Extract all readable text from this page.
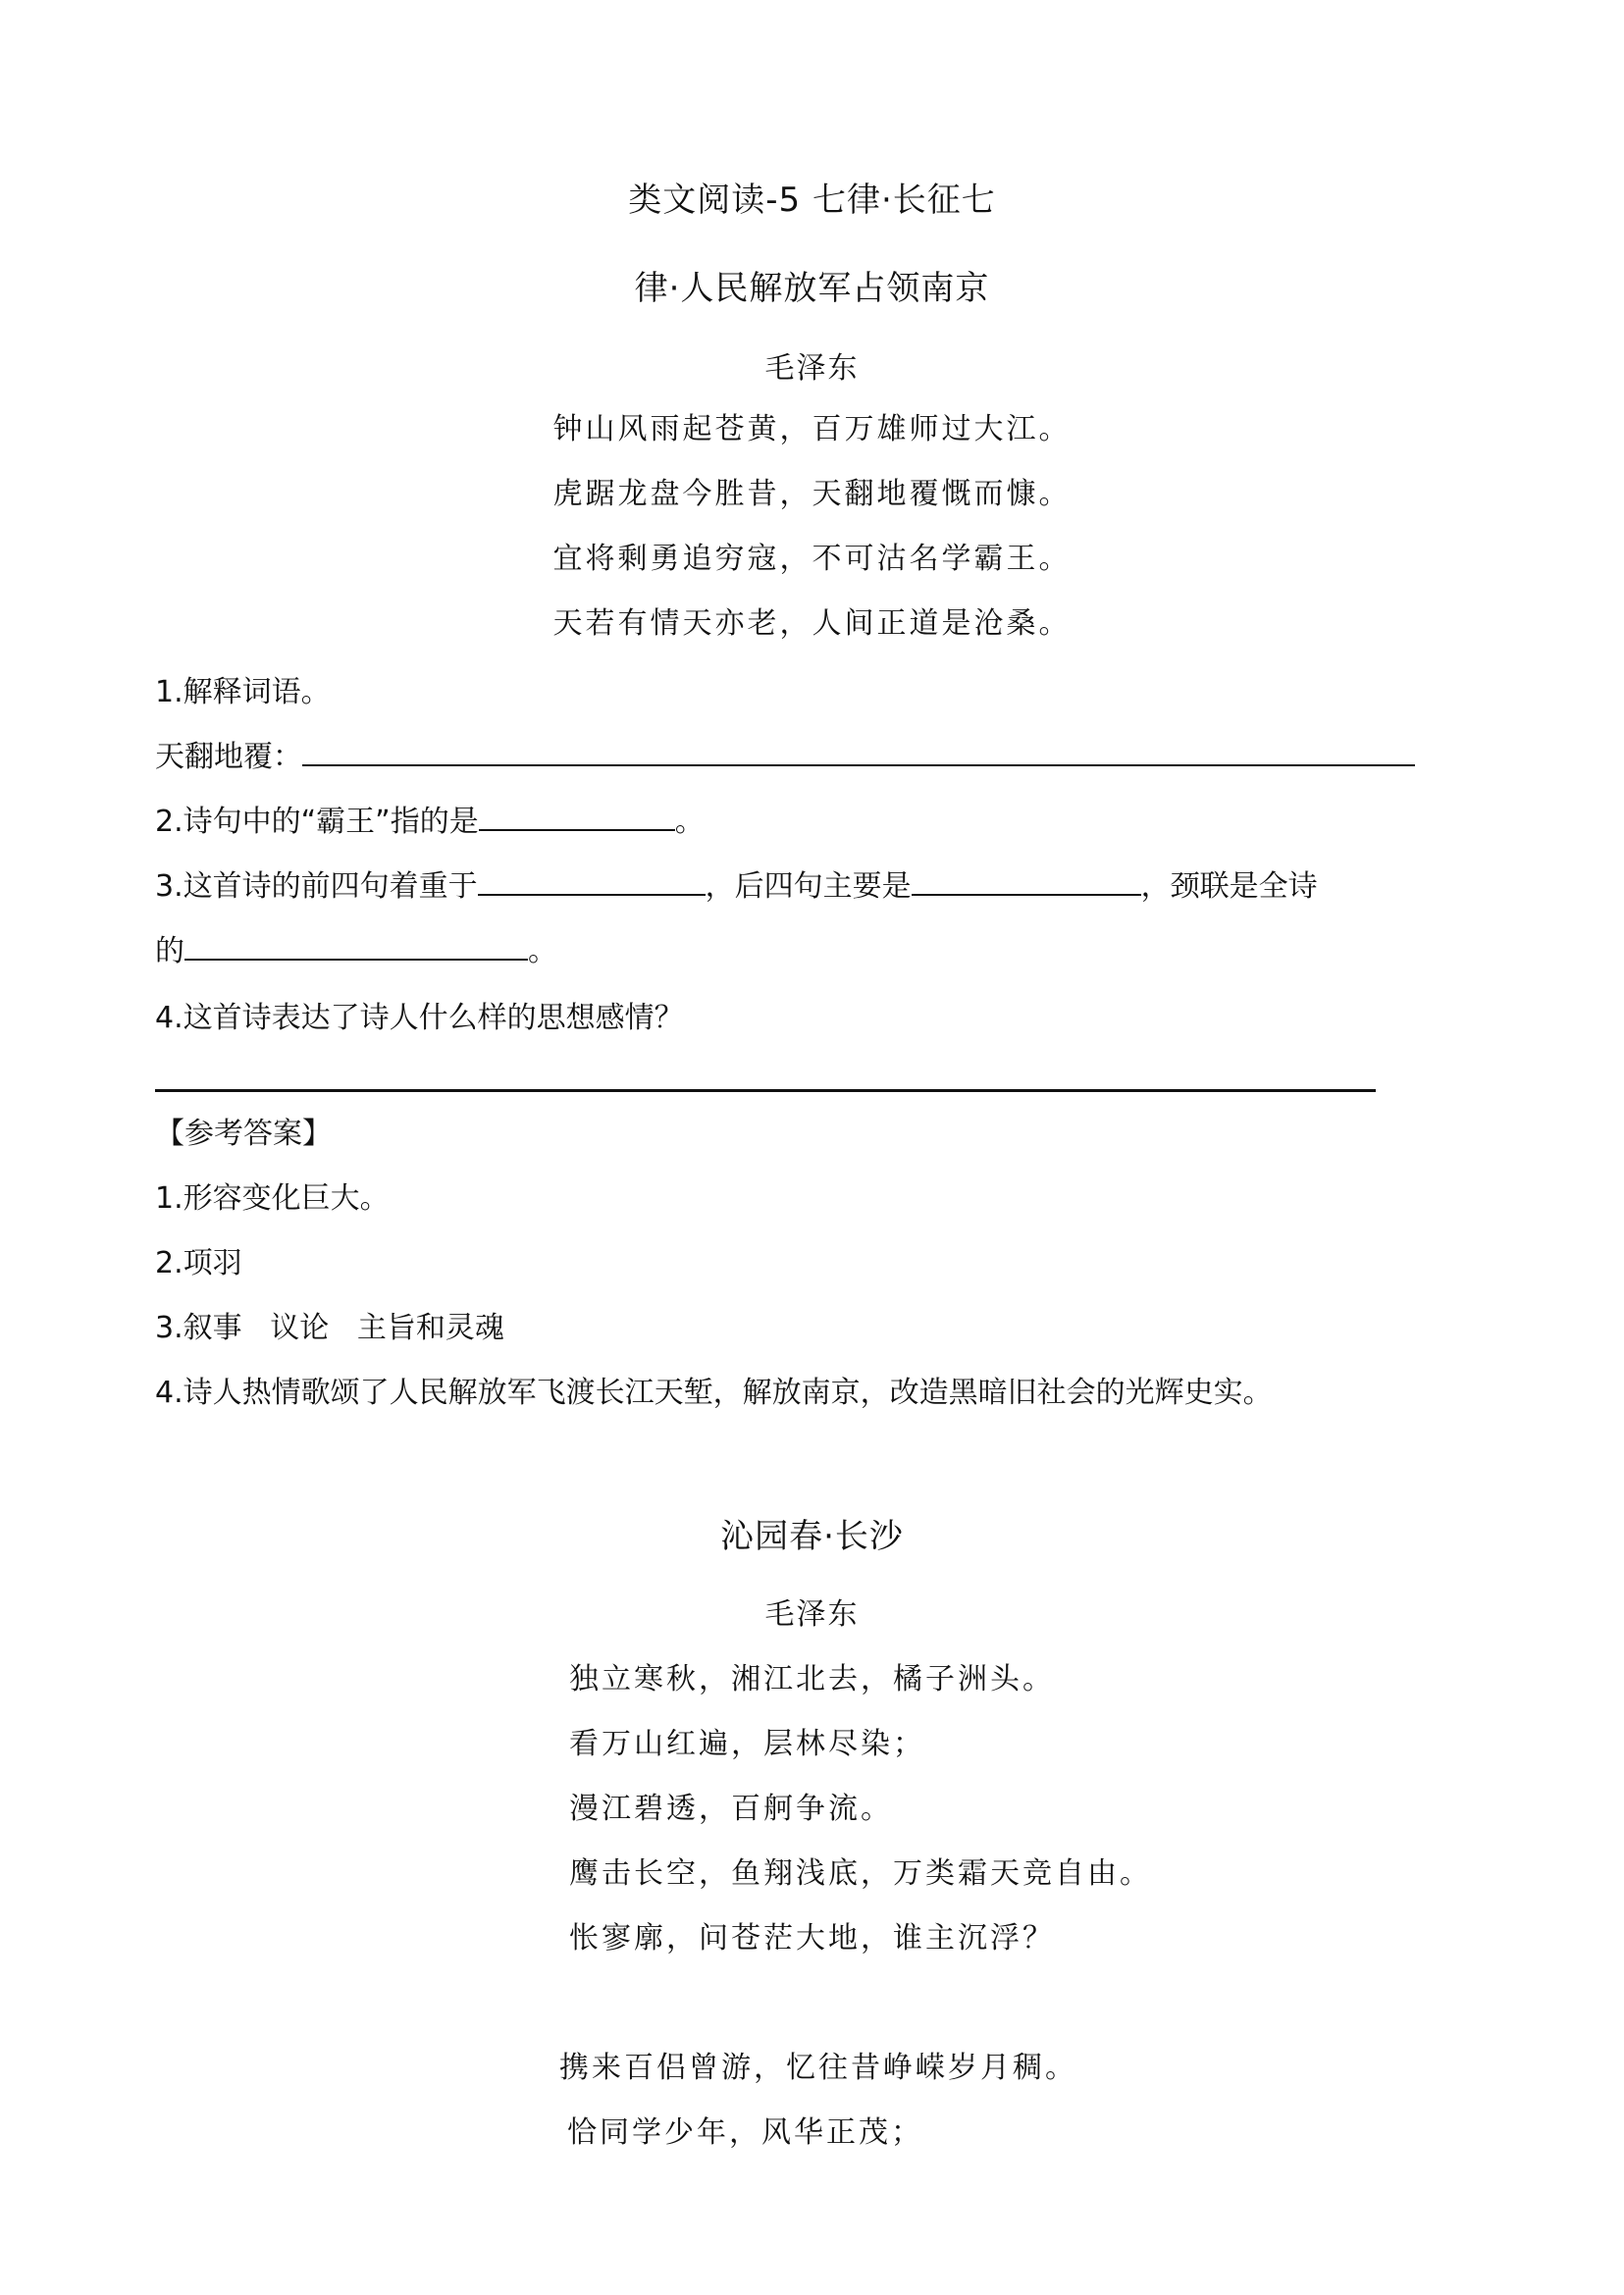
类文阅读-5 七律·长征七
律·人民解放军占领南京
毛泽东
钟山风雨起苍黄，百万雄师过大江。
虎踞龙盘今胜昔，天翻地覆慨而慷。
宜将剩勇追穷寇，不可沽名学霸王。
天若有情天亦老，人间正道是沧桑。
1.解释词语。
天翻地覆：
2.诗句中的“霸王”指的是	。
3.这首诗的前四句着重于	，后四句主要是	，颈联是全诗
的	。
4.这首诗表达了诗人什么样的思想感情？
【参考答案】
1.形容变化巨大。
2.项羽
3.叙事   议论   主旨和灵魂
4.诗人热情歌颂了人民解放军飞渡长江天堑，解放南京，改造黑暗旧社会的光辉史实。
沁园春·长沙
毛泽东
独立寒秋，湘江北去，橘子洲头。
看万山红遍，层林尽染；
漫江碧透，百舸争流。
鹰击长空，鱼翔浅底，万类霜天竞自由。
怅寥廓，问苍茫大地，谁主沉浮？
携来百侣曾游，忆往昔峥嵘岁月稠。
恰同学少年，风华正茂；
